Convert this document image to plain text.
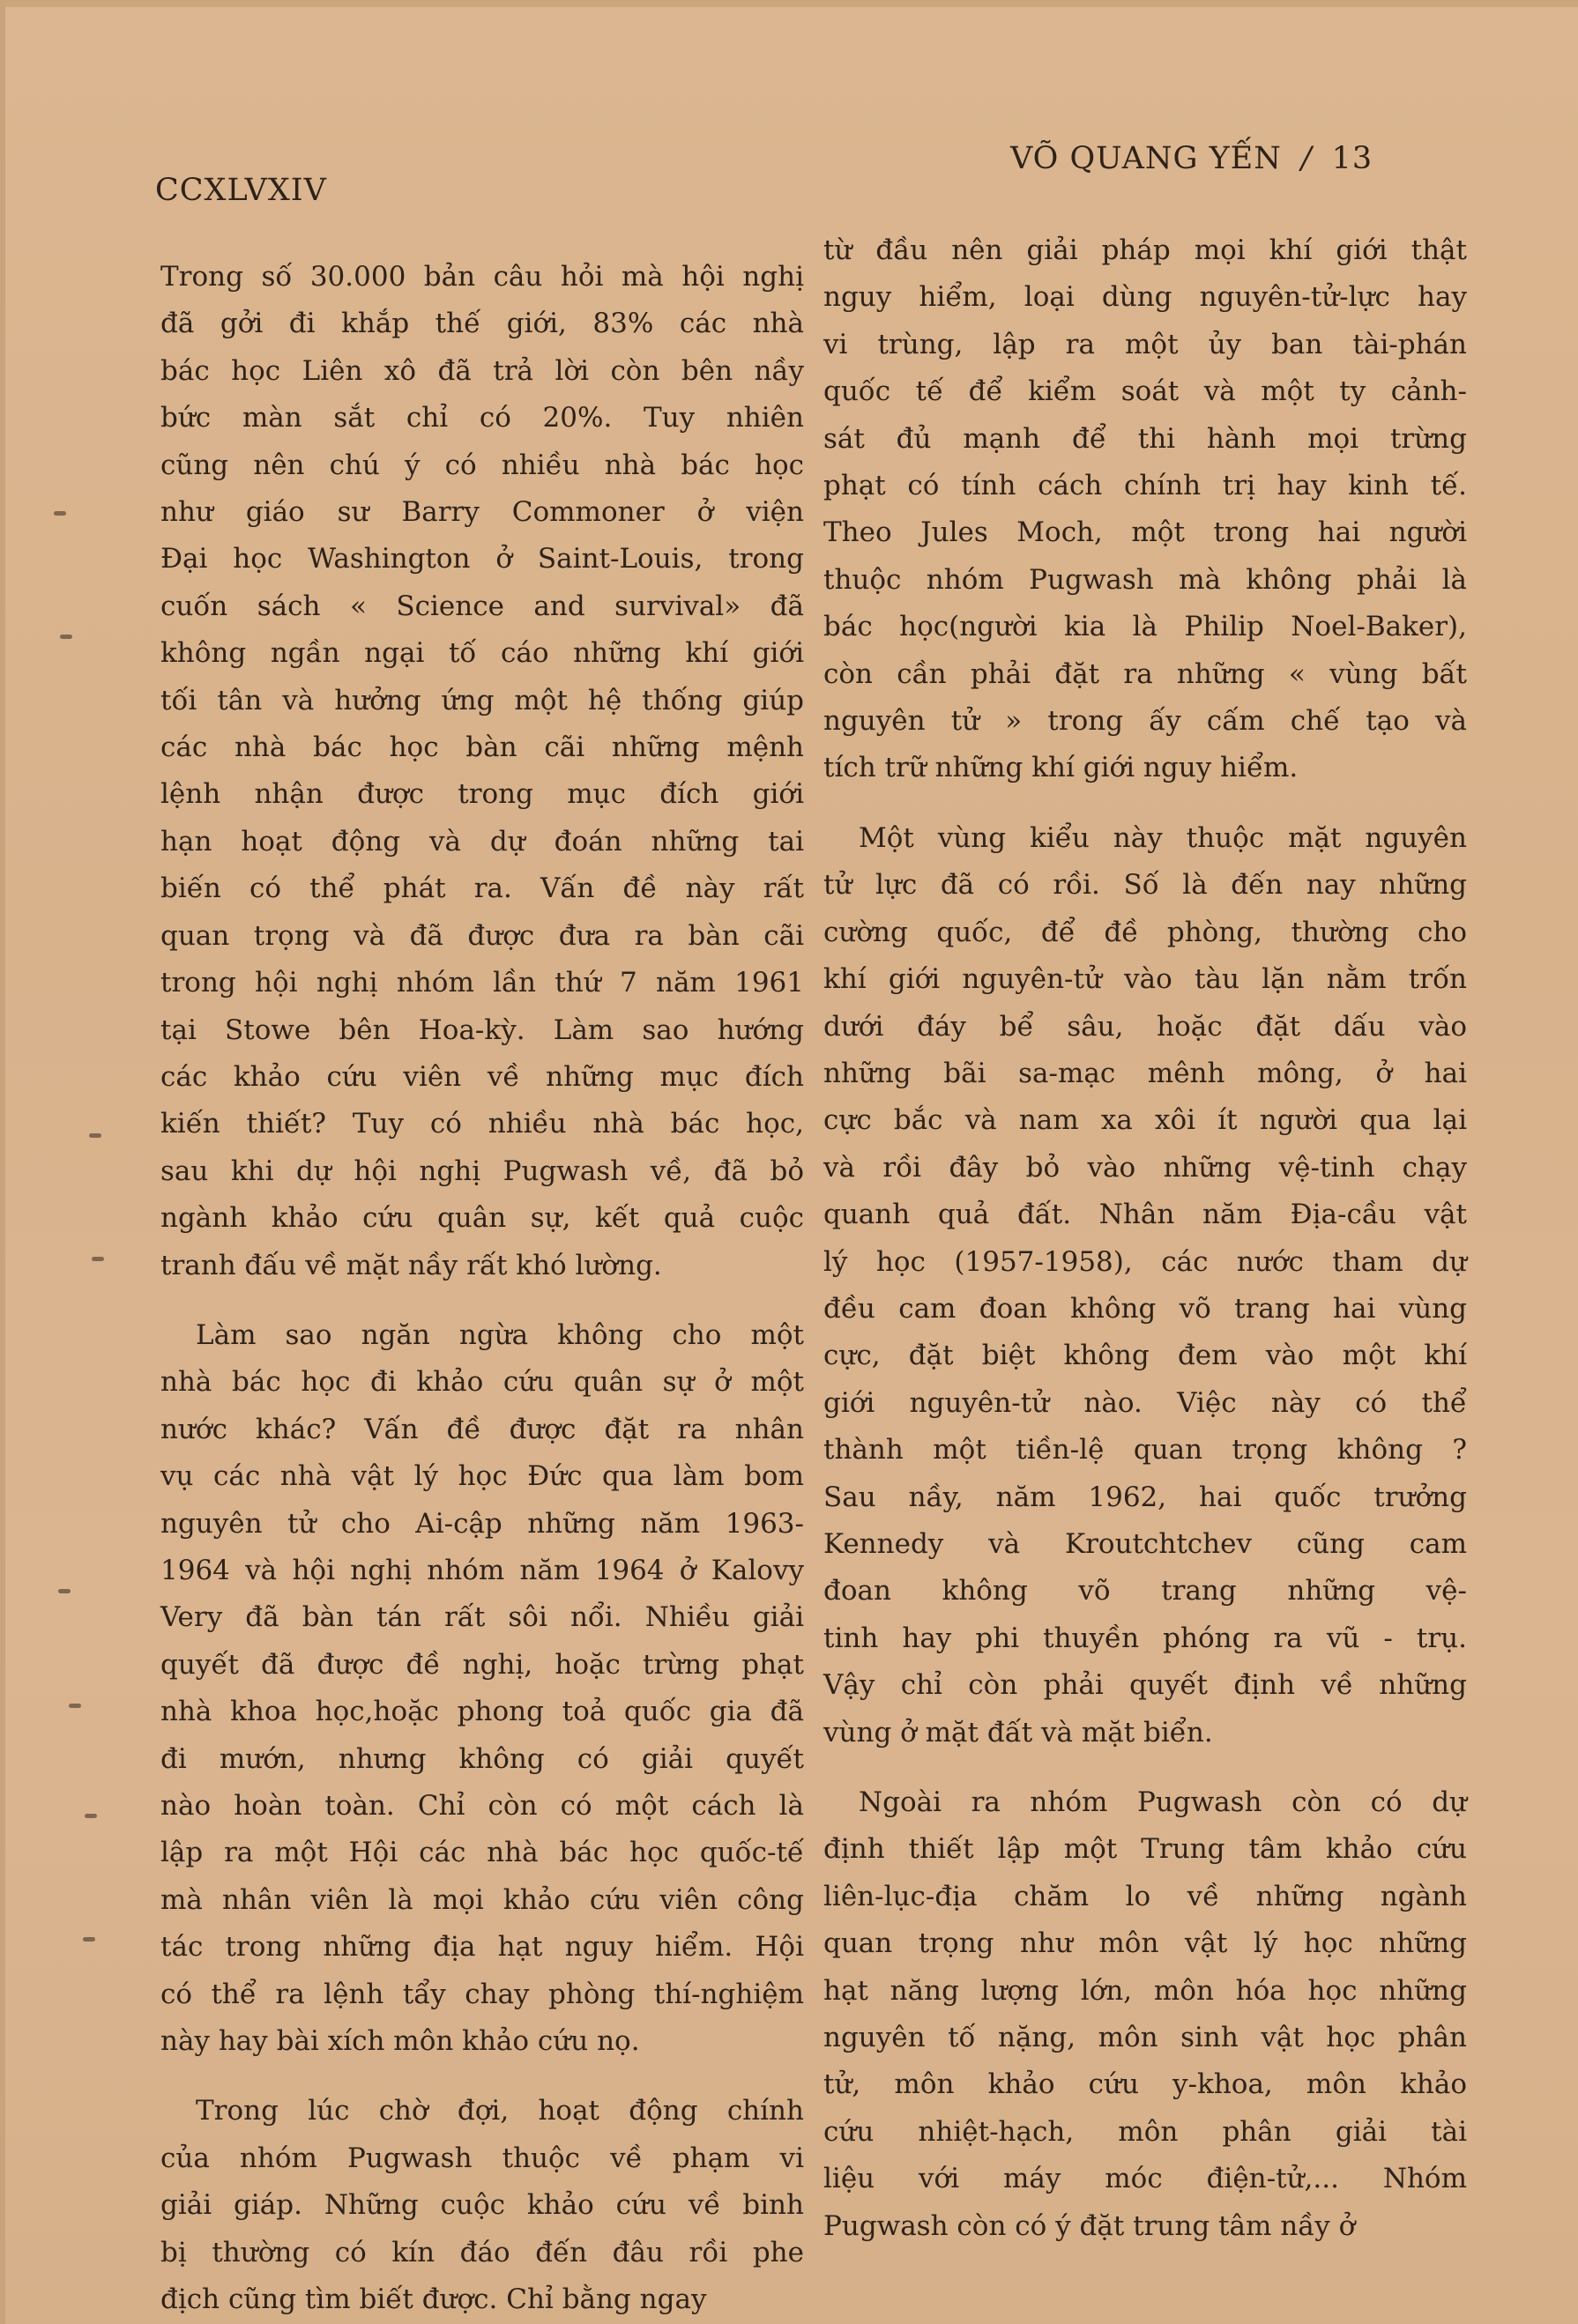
CCXLVXIV
VÕ QUANG YẾN / 13

Trong số 30.000 bản câu hỏi mà hội nghị
đã gởi đi khắp thế giới, 83% các nhà
bác học Liên xô đã trả lời còn bên nầy
bức màn sắt chỉ có 20%. Tuy nhiên
cũng nên chú ý có nhiều nhà bác học
như giáo sư Barry Commoner ở viện
Đại học Washington ở Saint-Louis, trong
cuốn sách « Science and survival» đã
không ngần ngại tố cáo những khí giới
tối tân và hưởng ứng một hệ thống giúp
các nhà bác học bàn cãi những mệnh
lệnh nhận được trong mục đích giới
hạn hoạt động và dự đoán những tai
biến có thể phát ra. Vấn đề này rất
quan trọng và đã được đưa ra bàn cãi
trong hội nghị nhóm lần thứ 7 năm 1961
tại Stowe bên Hoa-kỳ. Làm sao hướng
các khảo cứu viên về những mục đích
kiến thiết? Tuy có nhiều nhà bác học,
sau khi dự hội nghị Pugwash về, đã bỏ
ngành khảo cứu quân sự, kết quả cuộc
tranh đấu về mặt nầy rất khó lường.

Làm sao ngăn ngừa không cho một
nhà bác học đi khảo cứu quân sự ở một
nước khác? Vấn đề được đặt ra nhân
vụ các nhà vật lý học Đức qua làm bom
nguyên tử cho Ai-cập những năm 1963-
1964 và hội nghị nhóm năm 1964 ở Kalovy
Very đã bàn tán rất sôi nổi. Nhiều giải
quyết đã được đề nghị, hoặc trừng phạt
nhà khoa học,hoặc phong toả quốc gia đã
đi mướn, nhưng không có giải quyết
nào hoàn toàn. Chỉ còn có một cách là
lập ra một Hội các nhà bác học quốc-tế
mà nhân viên là mọi khảo cứu viên công
tác trong những địa hạt nguy hiểm. Hội
có thể ra lệnh tẩy chay phòng thí-nghiệm
này hay bài xích môn khảo cứu nọ.

Trong lúc chờ đợi, hoạt động chính
của nhóm Pugwash thuộc về phạm vi
giải giáp. Những cuộc khảo cứu về binh
bị thường có kín đáo đến đâu rồi phe
địch cũng tìm biết được. Chỉ bằng ngay

từ đầu nên giải pháp mọi khí giới thật
nguy hiểm, loại dùng nguyên-tử-lực hay
vi trùng, lập ra một ủy ban tài-phán
quốc tế để kiểm soát và một ty cảnh-
sát đủ mạnh để thi hành mọi trừng
phạt có tính cách chính trị hay kinh tế.
Theo Jules Moch, một trong hai người
thuộc nhóm Pugwash mà không phải là
bác học(người kia là Philip Noel-Baker),
còn cần phải đặt ra những « vùng bất
nguyên tử » trong ấy cấm chế tạo và
tích trữ những khí giới nguy hiểm.

Một vùng kiểu này thuộc mặt nguyên
tử lực đã có rồi. Số là đến nay những
cường quốc, để đề phòng, thường cho
khí giới nguyên-tử vào tàu lặn nằm trốn
dưới đáy bể sâu, hoặc đặt dấu vào
những bãi sa-mạc mênh mông, ở hai
cực bắc và nam xa xôi ít người qua lại
và rồi đây bỏ vào những vệ-tinh chạy
quanh quả đất. Nhân năm Địa-cầu vật
lý học (1957-1958), các nước tham dự
đều cam đoan không võ trang hai vùng
cực, đặt biệt không đem vào một khí
giới nguyên-tử nào. Việc này có thể
thành một tiền-lệ quan trọng không ?
Sau nầy, năm 1962, hai quốc trưởng
Kennedy và Kroutchtchev cũng cam
đoan không võ trang những vệ-
tinh hay phi thuyền phóng ra vũ - trụ.
Vậy chỉ còn phải quyết định về những
vùng ở mặt đất và mặt biển.

Ngoài ra nhóm Pugwash còn có dự
định thiết lập một Trung tâm khảo cứu
liên-lục-địa chăm lo về những ngành
quan trọng như môn vật lý học những
hạt năng lượng lớn, môn hóa học những
nguyên tố nặng, môn sinh vật học phân
tử, môn khảo cứu y-khoa, môn khảo
cứu nhiệt-hạch, môn phân giải tài
liệu với máy móc điện-tử,... Nhóm
Pugwash còn có ý đặt trung tâm nầy ở
